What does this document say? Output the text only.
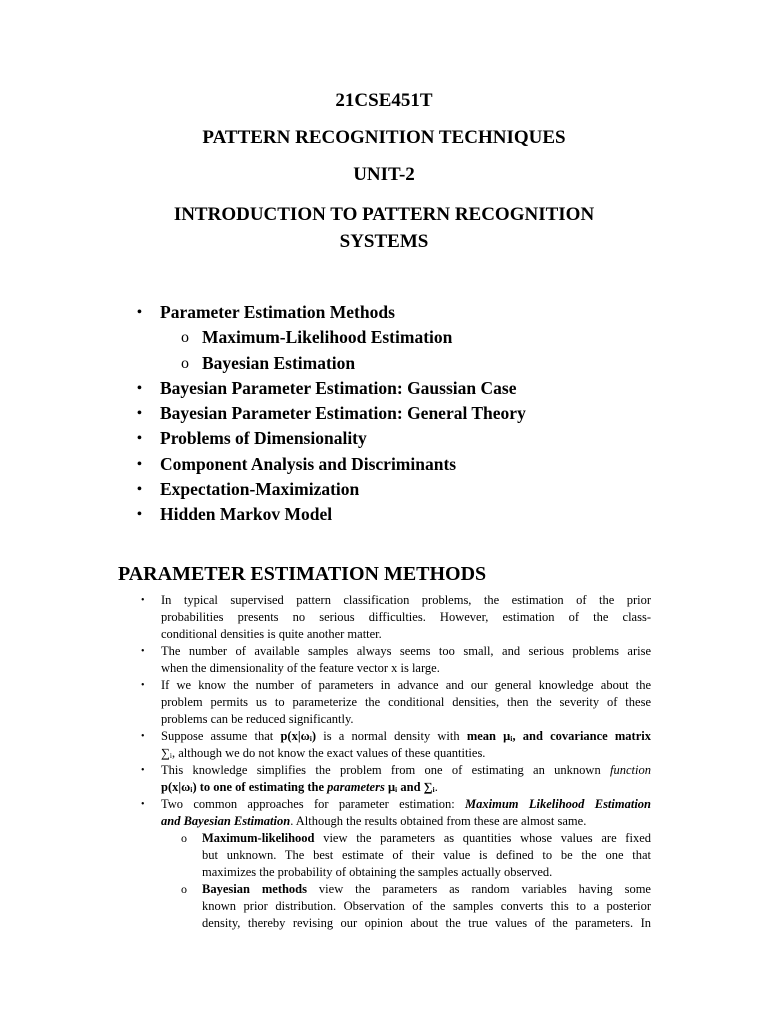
21CSE451T
PATTERN RECOGNITION TECHNIQUES
UNIT-2
INTRODUCTION TO PATTERN RECOGNITION
SYSTEMS
• Parameter Estimation Methods
o Maximum-Likelihood Estimation
o Bayesian Estimation
• Bayesian Parameter Estimation: Gaussian Case
• Bayesian Parameter Estimation: General Theory
• Problems of Dimensionality
• Component Analysis and Discriminants
• Expectation-Maximization
• Hidden Markov Model
PARAMETER ESTIMATION METHODS
• In typical supervised pattern classification problems, the estimation of the prior
probabilities presents no serious difficulties. However, estimation of the class-
conditional densities is quite another matter.
• The number of available samples always seems too small, and serious problems arise
when the dimensionality of the feature vector x is large.
• If we know the number of parameters in advance and our general knowledge about the
problem permits us to parameterize the conditional densities, then the severity of these
problems can be reduced significantly.
• Suppose assume that p(x|ωᵢ) is a normal density with mean μᵢ, and covariance matrix
∑ᵢ, although we do not know the exact values of these quantities.
• This knowledge simplifies the problem from one of estimating an unknown function
p(x|ωᵢ) to one of estimating the parameters μᵢ and ∑ᵢ.
• Two common approaches for parameter estimation: Maximum Likelihood Estimation
and Bayesian Estimation. Although the results obtained from these are almost same.
o Maximum-likelihood view the parameters as quantities whose values are fixed
but unknown. The best estimate of their value is defined to be the one that
maximizes the probability of obtaining the samples actually observed.
o Bayesian methods view the parameters as random variables having some
known prior distribution. Observation of the samples converts this to a posterior
density, thereby revising our opinion about the true values of the parameters. In
